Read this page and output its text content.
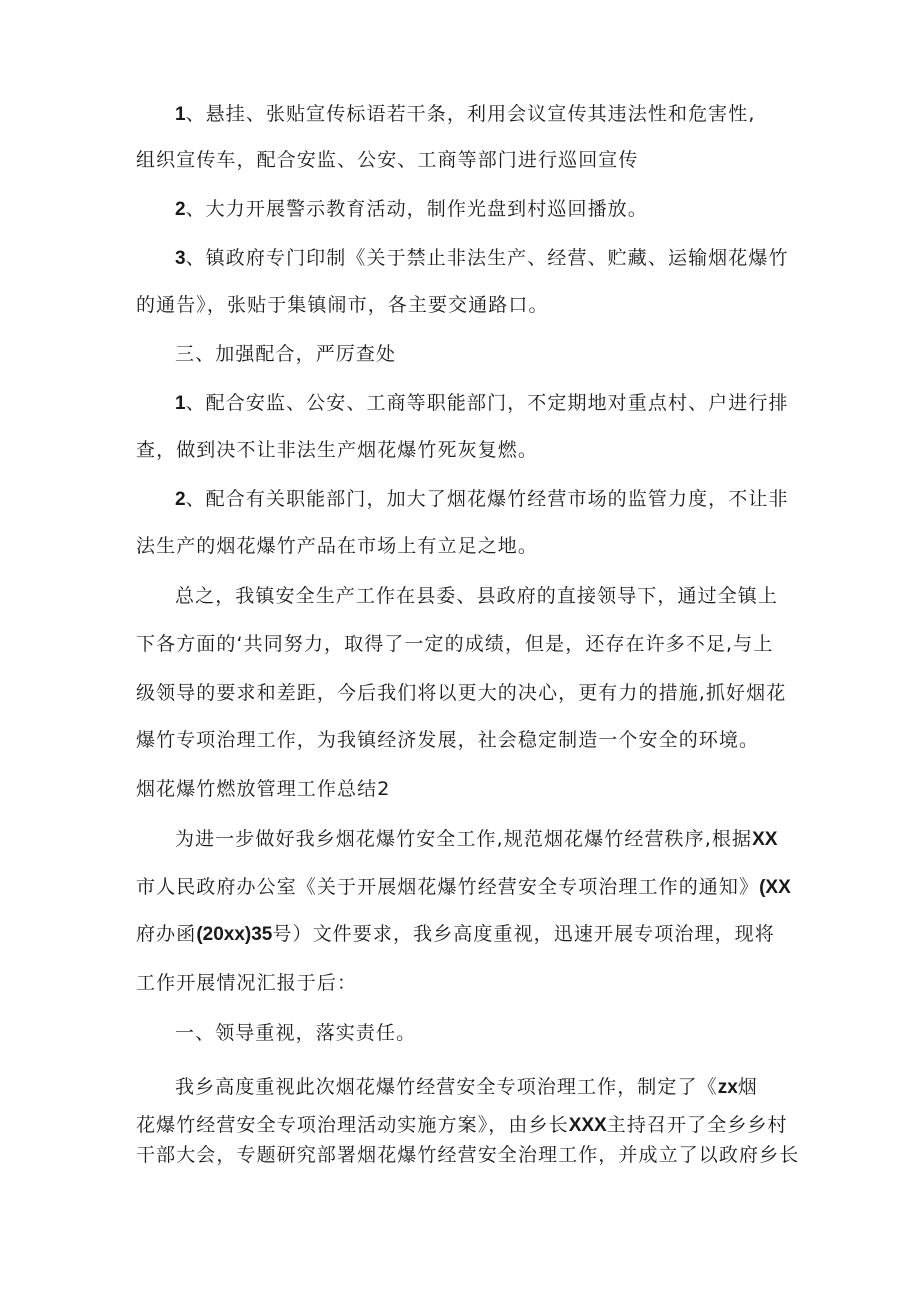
1、悬挂、张贴宣传标语若干条，利用会议宣传其违法性和危害性,
组织宣传车，配合安监、公安、工商等部门进行巡回宣传
2、大力开展警示教育活动，制作光盘到村巡回播放。
3、镇政府专门印制《关于禁止非法生产、经营、贮藏、运输烟花爆竹
的通告》，张贴于集镇闹市，各主要交通路口。
三、加强配合，严厉查处
1、配合安监、公安、工商等职能部门，不定期地对重点村、户进行排
查，做到决不让非法生产烟花爆竹死灰复燃。
2、配合有关职能部门，加大了烟花爆竹经营市场的监管力度，不让非
法生产的烟花爆竹产品在市场上有立足之地。
总之，我镇安全生产工作在县委、县政府的直接领导下，通过全镇上
下各方面的‘共同努力，取得了一定的成绩，但是，还存在许多不足,与上
级领导的要求和差距，今后我们将以更大的决心，更有力的措施,抓好烟花
爆竹专项治理工作，为我镇经济发展，社会稳定制造一个安全的环境。
烟花爆竹燃放管理工作总结2
为进一步做好我乡烟花爆竹安全工作,规范烟花爆竹经营秩序,根据XX
市人民政府办公室《关于开展烟花爆竹经营安全专项治理工作的通知》(XX
府办函(20xx)35号）文件要求，我乡高度重视，迅速开展专项治理，现将
工作开展情况汇报于后：
一、领导重视，落实责任。
我乡高度重视此次烟花爆竹经营安全专项治理工作，制定了《zx烟
花爆竹经营安全专项治理活动实施方案》，由乡长XXX主持召开了全乡乡村
干部大会，专题研究部署烟花爆竹经营安全治理工作，并成立了以政府乡长
